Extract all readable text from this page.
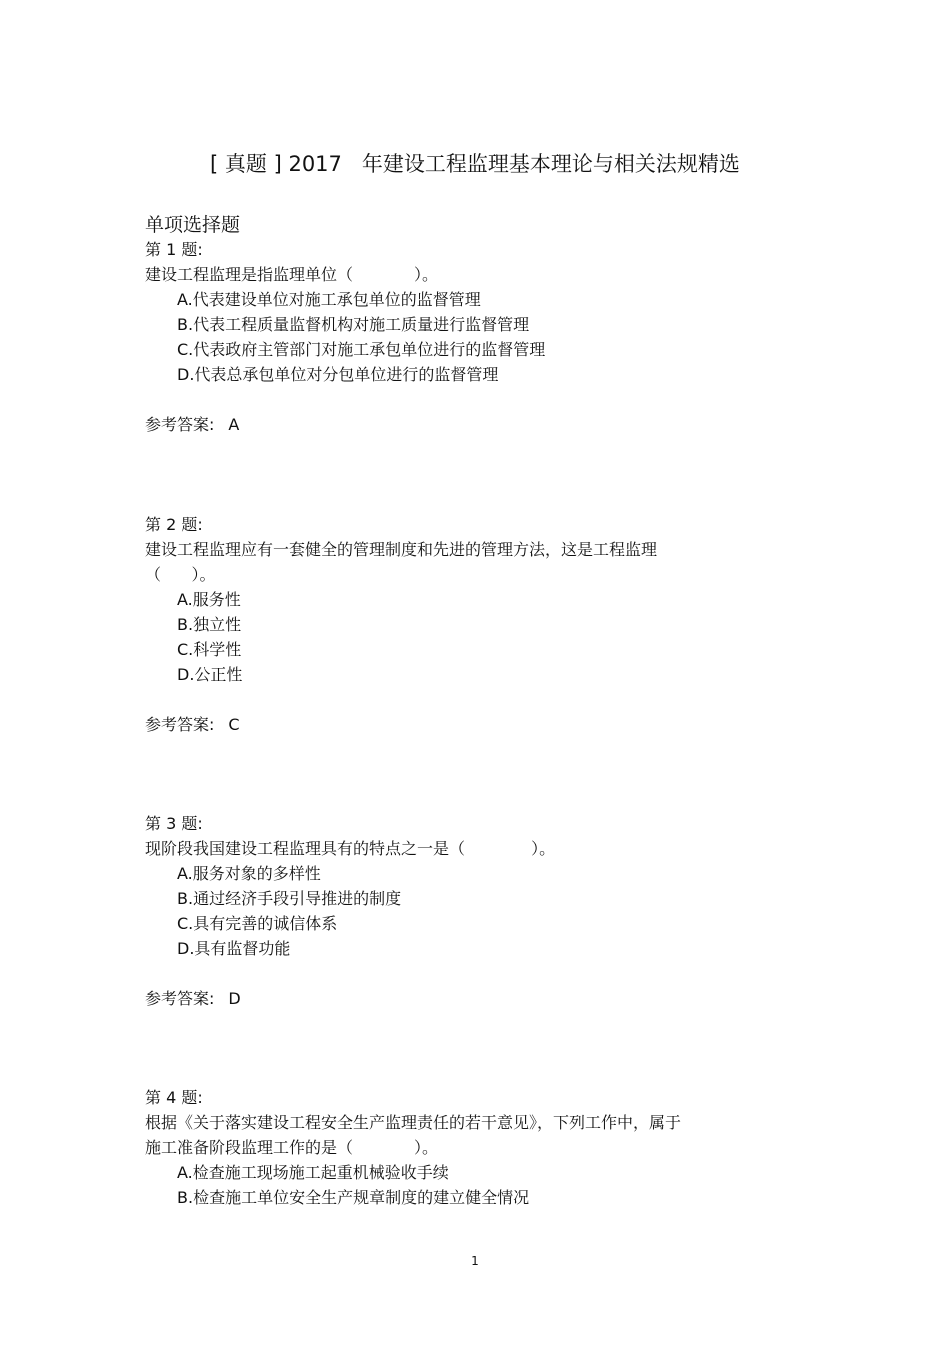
[ 真题 ] 2017   年建设工程监理基本理论与相关法规精选
单项选择题
第 1 题:
建设工程监理是指监理单位（            ）。
A.代表建设单位对施工承包单位的监督管理
B.代表工程质量监督机构对施工质量进行监督管理
C.代表政府主管部门对施工承包单位进行的监督管理
D.代表总承包单位对分包单位进行的监督管理
参考答案: A
第 2 题:
建设工程监理应有一套健全的管理制度和先进的管理方法，这是工程监理
（      ）。
A.服务性
B.独立性
C.科学性
D.公正性
参考答案: C
第 3 题:
现阶段我国建设工程监理具有的特点之一是（             ）。
A.服务对象的多样性
B.通过经济手段引导推进的制度
C.具有完善的诚信体系
D.具有监督功能
参考答案: D
第 4 题:
根据《关于落实建设工程安全生产监理责任的若干意见》，下列工作中，属于
施工准备阶段监理工作的是（            ）。
A.检查施工现场施工起重机械验收手续
B.检查施工单位安全生产规章制度的建立健全情况
1
